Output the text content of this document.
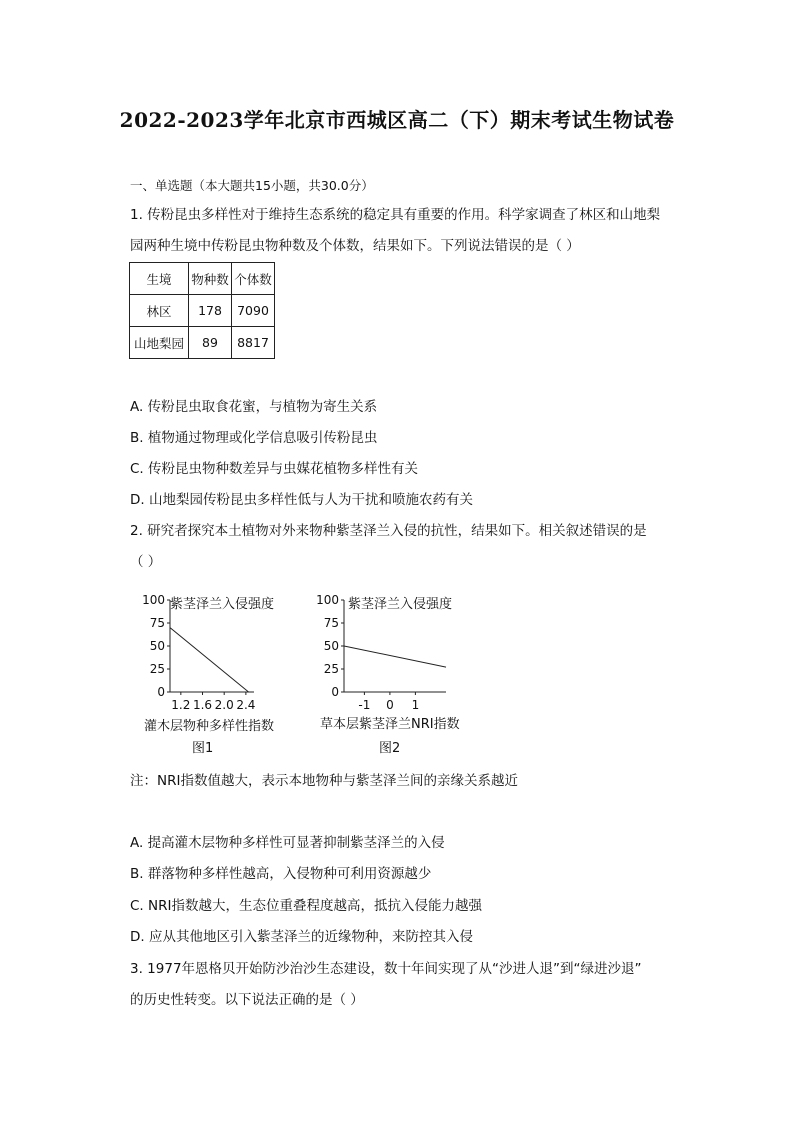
2022-2023学年北京市西城区高二（下）期末考试生物试卷
一、单选题（本大题共15小题，共30.0分）
1. 传粉昆虫多样性对于维持生态系统的稳定具有重要的作用。科学家调查了林区和山地梨
园两种生境中传粉昆虫物种数及个体数，结果如下。下列说法错误的是（ ）
生境	物种数	个体数
林区	178	7090
山地梨园	89	8817
A. 传粉昆虫取食花蜜，与植物为寄生关系
B. 植物通过物理或化学信息吸引传粉昆虫
C. 传粉昆虫物种数差异与虫媒花植物多样性有关
D. 山地梨园传粉昆虫多样性低与人为干扰和喷施农药有关
2. 研究者探究本土植物对外来物种紫茎泽兰入侵的抗性，结果如下。相关叙述错误的是
（ ）
紫茎泽兰入侵强度
100
75
50
25
0
1.2 1.6 2.0 2.4
灌木层物种多样性指数
图1
紫茎泽兰入侵强度
100
75
50
25
0
-1 0 1
草本层紫茎泽兰NRI指数
图2
注：NRI指数值越大，表示本地物种与紫茎泽兰间的亲缘关系越近
A. 提高灌木层物种多样性可显著抑制紫茎泽兰的入侵
B. 群落物种多样性越高，入侵物种可利用资源越少
C. NRI指数越大，生态位重叠程度越高，抵抗入侵能力越强
D. 应从其他地区引入紫茎泽兰的近缘物种，来防控其入侵
3. 1977年恩格贝开始防沙治沙生态建设，数十年间实现了从“沙进人退”到“绿进沙退”
的历史性转变。以下说法正确的是（ ）
